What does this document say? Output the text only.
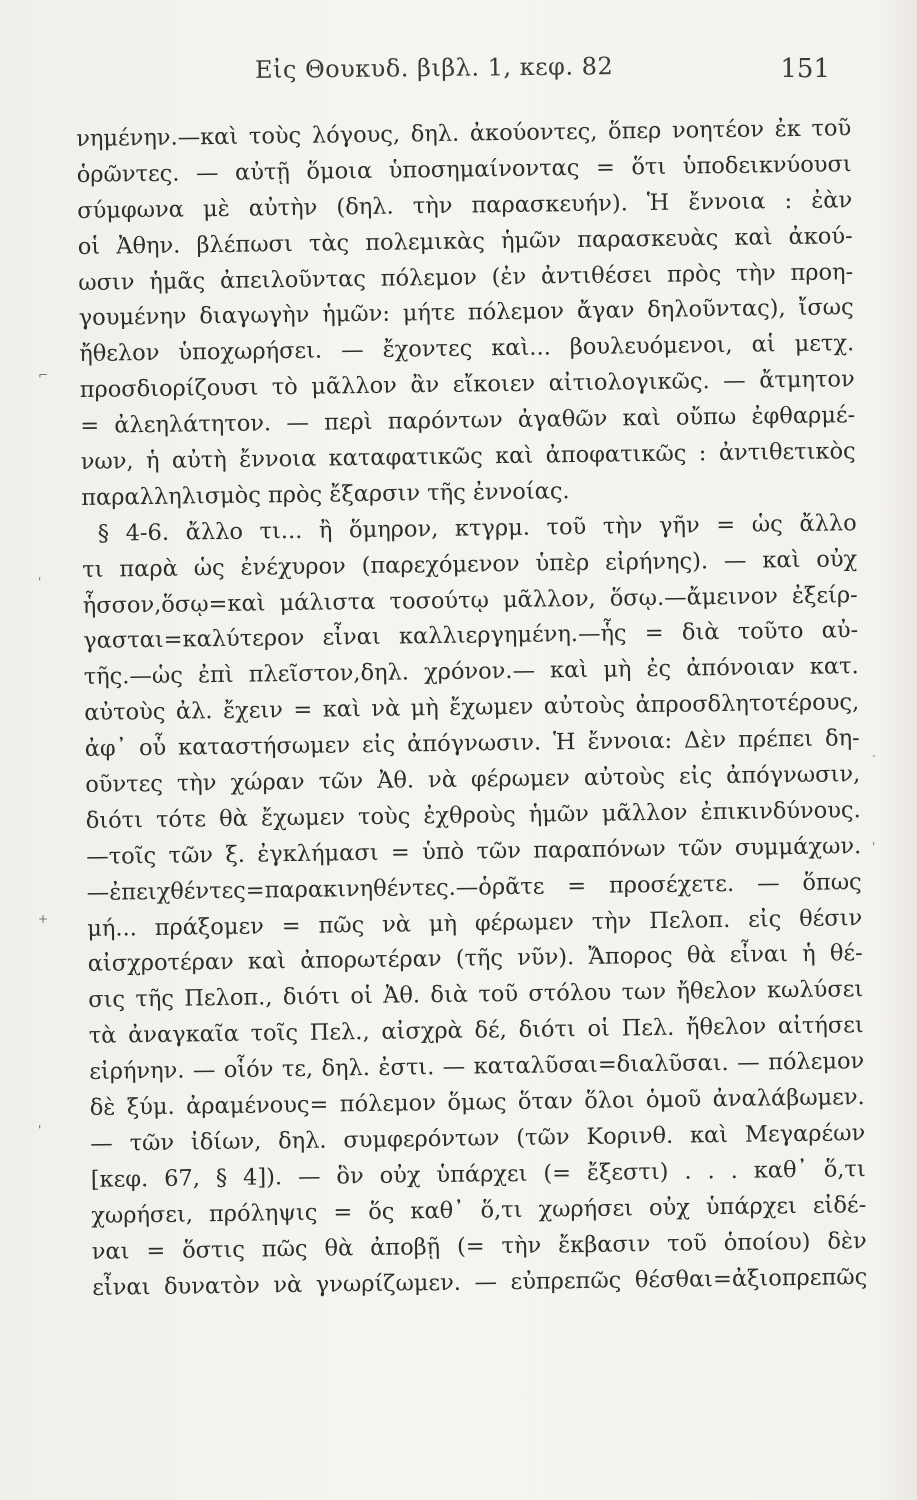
Εἰς Θουκυδ. βιβλ. 1, κεφ. 82	151
⌐
'
+
'
.
'
νημένην.—καὶ τοὺς λόγους, δηλ. ἀκούοντες, ὅπερ νοητέον ἐκ τοῦ
ὁρῶντες. — αὐτῇ ὅμοια ὑποσημαίνοντας = ὅτι ὑποδεικνύουσι
σύμφωνα μὲ αὐτὴν (δηλ. τὴν παρασκευήν). Ἡ ἔννοια : ἐὰν
οἱ Ἀθην. βλέπωσι τὰς πολεμικὰς ἡμῶν παρασκευὰς καὶ ἀκού-
ωσιν ἡμᾶς ἀπειλοῦντας πόλεμον (ἐν ἀντιθέσει πρὸς τὴν προη-
γουμένην διαγωγὴν ἡμῶν: μήτε πόλεμον ἄγαν δηλοῦντας), ἴσως
ἤθελον ὑποχωρήσει. — ἔχοντες καὶ... βουλευόμενοι, αἱ μετχ.
προσδιορίζουσι τὸ μᾶλλον ἂν εἴκοιεν αἰτιολογικῶς. — ἄτμητον
= ἀλεηλάτητον. — περὶ παρόντων ἀγαθῶν καὶ οὔπω ἐφθαρμέ-
νων, ἡ αὐτὴ ἔννοια καταφατικῶς καὶ ἀποφατικῶς : ἀντιθετικὸς
παραλληλισμὸς πρὸς ἔξαρσιν τῆς ἐννοίας.
§ 4-6. ἄλλο τι... ἢ ὅμηρον, κτγρμ. τοῦ τὴν γῆν = ὡς ἄλλο
τι παρὰ ὡς ἐνέχυρον (παρεχόμενον ὑπὲρ εἰρήνης). — καὶ οὐχ
ἧσσον,ὅσῳ=καὶ μάλιστα τοσούτῳ μᾶλλον, ὅσῳ.—ἄμεινον ἐξείρ-
γασται=καλύτερον εἶναι καλλιεργημένη.—ἧς = διὰ τοῦτο αὐ-
τῆς.—ὡς ἐπὶ πλεῖστον,δηλ. χρόνον.— καὶ μὴ ἐς ἀπόνοιαν κατ.
αὐτοὺς ἀλ. ἔχειν = καὶ νὰ μὴ ἔχωμεν αὐτοὺς ἀπροσδλητοτέρους,
ἀφ᾽ οὗ καταστήσωμεν εἰς ἀπόγνωσιν. Ἡ ἔννοια: Δὲν πρέπει δη-
οῦντες τὴν χώραν τῶν Ἀθ. νὰ φέρωμεν αὐτοὺς εἰς ἀπόγνωσιν,
διότι τότε θὰ ἔχωμεν τοὺς ἐχθροὺς ἡμῶν μᾶλλον ἐπικινδύνους.
—τοῖς τῶν ξ. ἐγκλήμασι = ὑπὸ τῶν παραπόνων τῶν συμμάχων.
—ἐπειχθέντες=παρακινηθέντες.—ὁρᾶτε = προσέχετε. — ὅπως
μή... πράξομεν = πῶς νὰ μὴ φέρωμεν τὴν Πελοπ. εἰς θέσιν
αἰσχροτέραν καὶ ἀπορωτέραν (τῆς νῦν). Ἄπορος θὰ εἶναι ἡ θέ-
σις τῆς Πελοπ., διότι οἱ Ἀθ. διὰ τοῦ στόλου των ἤθελον κωλύσει
τὰ ἀναγκαῖα τοῖς Πελ., αἰσχρὰ δέ, διότι οἱ Πελ. ἤθελον αἰτήσει
εἰρήνην. — οἷόν τε, δηλ. ἐστι. — καταλῦσαι=διαλῦσαι. — πόλεμον
δὲ ξύμ. ἀραμένους= πόλεμον ὅμως ὅταν ὅλοι ὁμοῦ ἀναλάβωμεν.
— τῶν ἰδίων, δηλ. συμφερόντων (τῶν Κορινθ. καὶ Μεγαρέων
[κεφ. 67, § 4]). — ὃν οὐχ ὑπάρχει (= ἔξεστι) . . . καθ᾽ ὅ,τι
χωρήσει, πρόληψις = ὅς καθ᾽ ὅ,τι χωρήσει οὐχ ὑπάρχει εἰδέ-
ναι = ὅστις πῶς θὰ ἀποβῇ (= τὴν ἔκβασιν τοῦ ὁποίου) δὲν
εἶναι δυνατὸν νὰ γνωρίζωμεν. — εὐπρεπῶς θέσθαι=ἀξιοπρεπῶς
